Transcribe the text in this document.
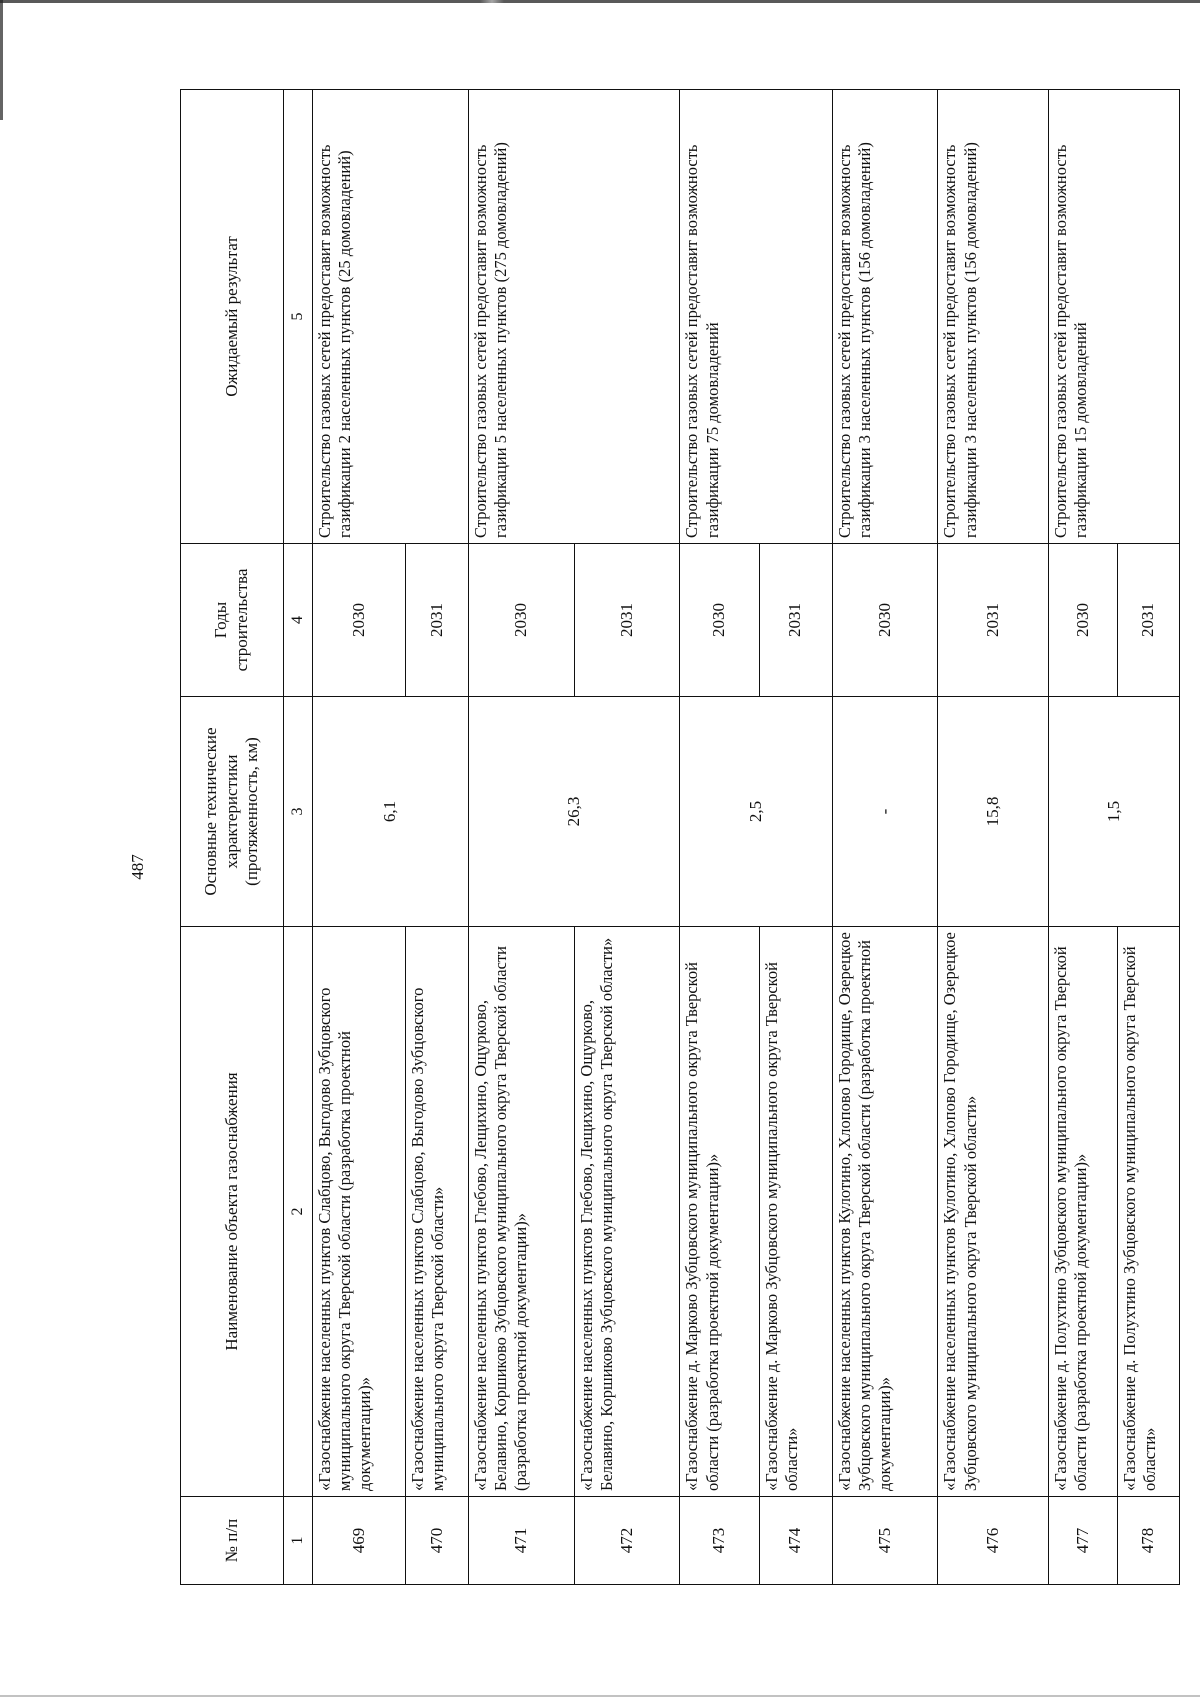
487
№ п/п	Наименование объекта газоснабжения	Основные технические характеристики (протяженность, км)	Годы строительства	Ожидаемый результат
1	2	3	4	5
469	«Газоснабжение населенных пунктов Слабцово, Выгодово Зубцовского муниципального округа Тверской области (разработка проектной документации)»	6,1	2030	Строительство газовых сетей предоставит возможность газификации 2 населенных пунктов (25 домовладений)
470	«Газоснабжение населенных пунктов Слабцово, Выгодово Зубцовского муниципального округа Тверской области»		2031	
471	«Газоснабжение населенных пунктов Глебово, Лещихино, Ощурково, Белавино, Коршиково Зубцовского муниципального округа Тверской области (разработка проектной документации)»	26,3	2030	Строительство газовых сетей предоставит возможность газификации 5 населенных пунктов (275 домовладений)
472	«Газоснабжение населенных пунктов Глебово, Лещихино, Ощурково, Белавино, Коршиково Зубцовского муниципального округа Тверской области»		2031	
473	«Газоснабжение д. Марково Зубцовского муниципального округа Тверской области (разработка проектной документации)»	2,5	2030	Строительство газовых сетей предоставит возможность газификации 75 домовладений
474	«Газоснабжение д. Марково Зубцовского муниципального округа Тверской области»		2031	
475	«Газоснабжение населенных пунктов Кулотино, Хлопово Городище, Озерецкое Зубцовского муниципального округа Тверской области (разработка проектной документации)»	-	2030	Строительство газовых сетей предоставит возможность газификации 3 населенных пунктов (156 домовладений)
476	«Газоснабжение населенных пунктов Кулотино, Хлопово Городище, Озерецкое Зубцовского муниципального округа Тверской области»	15,8	2031	Строительство газовых сетей предоставит возможность газификации 3 населенных пунктов (156 домовладений)
477	«Газоснабжение д. Полухтино Зубцовского муниципального округа Тверской области (разработка проектной документации)»	1,5	2030	Строительство газовых сетей предоставит возможность газификации 15 домовладений
478	«Газоснабжение д. Полухтино Зубцовского муниципального округа Тверской области»		2031	
